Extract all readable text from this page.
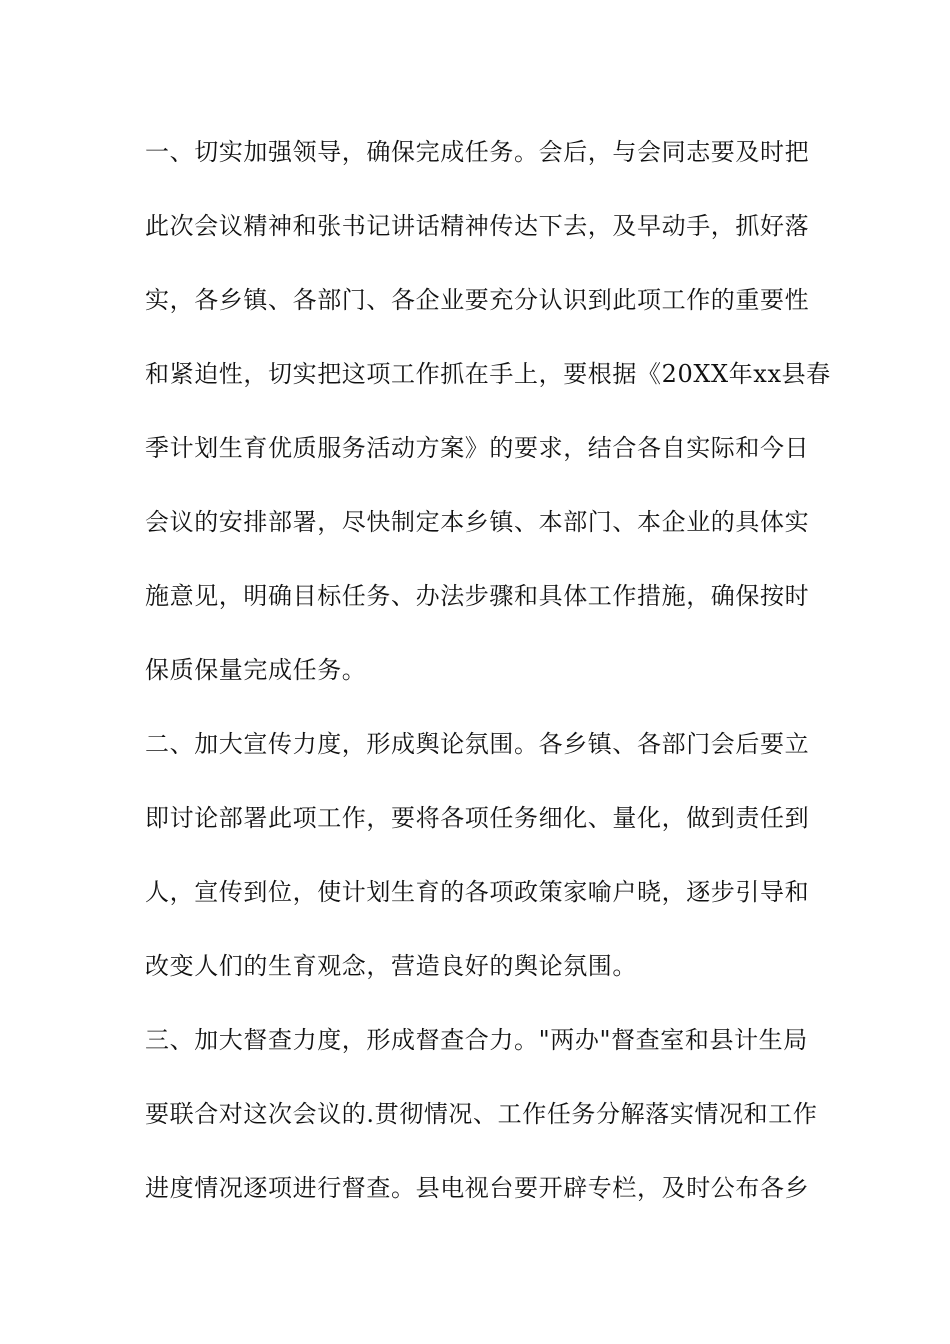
一、切实加强领导，确保完成任务。会后，与会同志要及时把
此次会议精神和张书记讲话精神传达下去，及早动手，抓好落
实，各乡镇、各部门、各企业要充分认识到此项工作的重要性
和紧迫性，切实把这项工作抓在手上，要根据《20XX年xx县春
季计划生育优质服务活动方案》的要求，结合各自实际和今日
会议的安排部署，尽快制定本乡镇、本部门、本企业的具体实
施意见，明确目标任务、办法步骤和具体工作措施，确保按时
保质保量完成任务。
二、加大宣传力度，形成舆论氛围。各乡镇、各部门会后要立
即讨论部署此项工作，要将各项任务细化、量化，做到责任到
人，宣传到位，使计划生育的各项政策家喻户晓，逐步引导和
改变人们的生育观念，营造良好的舆论氛围。
三、加大督查力度，形成督查合力。"两办"督查室和县计生局
要联合对这次会议的.贯彻情况、工作任务分解落实情况和工作
进度情况逐项进行督查。县电视台要开辟专栏，及时公布各乡
